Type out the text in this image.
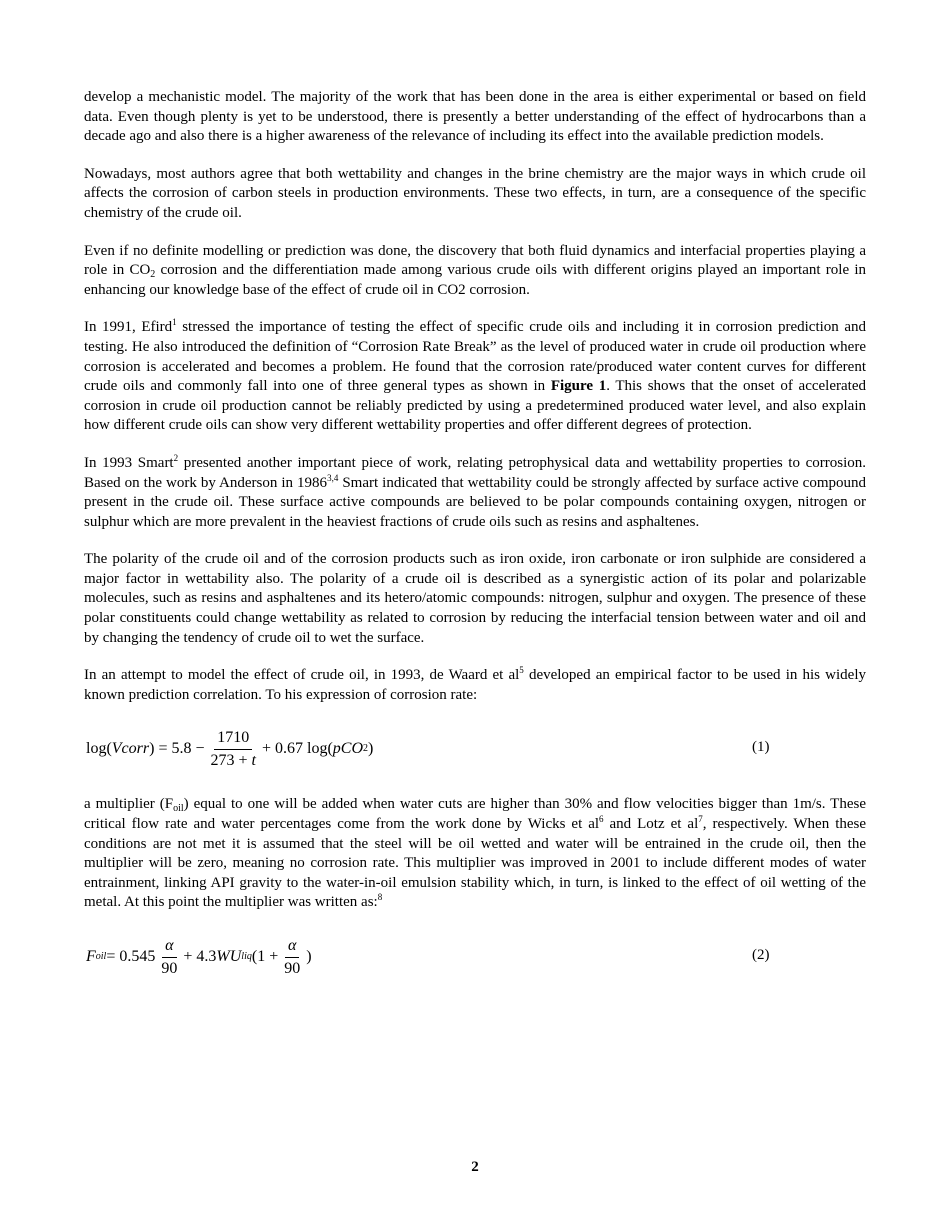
develop a mechanistic model. The majority of the work that has been done in the area is either experimental or based on field data. Even though plenty is yet to be understood, there is presently a better understanding of the effect of hydrocarbons than a decade ago and also there is a higher awareness of the relevance of including its effect into the available prediction models.

Nowadays, most authors agree that both wettability and changes in the brine chemistry are the major ways in which crude oil affects the corrosion of carbon steels in production environments. These two effects, in turn, are a consequence of the specific chemistry of the crude oil.

Even if no definite modelling or prediction was done, the discovery that both fluid dynamics and interfacial properties playing a role in $CO_2$ corrosion and the differentiation made among various crude oils with different origins played an important role in enhancing our knowledge base of the effect of crude oil in CO2 corrosion.

In 1991, Efird$^1$ stressed the importance of testing the effect of specific crude oils and including it in corrosion prediction and testing. He also introduced the definition of “Corrosion Rate Break” as the level of produced water in crude oil production where corrosion is accelerated and becomes a problem. He found that the corrosion rate/produced water content curves for different crude oils and commonly fall into one of three general types as shown in Figure 1. This shows that the onset of accelerated corrosion in crude oil production cannot be reliably predicted by using a predetermined produced water level, and also explain how different crude oils can show very different wettability properties and offer different degrees of protection.

In 1993 Smart$^2$ presented another important piece of work, relating petrophysical data and wettability properties to corrosion. Based on the work by Anderson in 1986$^{3,4}$ Smart indicated that wettability could be strongly affected by surface active compound present in the crude oil. These surface active compounds are believed to be polar compounds containing oxygen, nitrogen or sulphur which are more prevalent in the heaviest fractions of crude oils such as resins and asphaltenes.

The polarity of the crude oil and of the corrosion products such as iron oxide, iron carbonate or iron sulphide are considered a major factor in wettability also. The polarity of a crude oil is described as a synergistic action of its polar and polarizable molecules, such as resins and asphaltenes and its hetero/atomic compounds: nitrogen, sulphur and oxygen. The presence of these polar constituents could change wettability as related to corrosion by reducing the interfacial tension between water and oil and by changing the tendency of crude oil to wet the surface.

In an attempt to model the effect of crude oil, in 1993, de Waard et $al^5$ developed an empirical factor to be used in his widely known prediction correlation. To his expression of corrosion rate:

log( Vcorr ) = $5.8 - \frac{1710}{273 + t} + 0.67$ log( pCO 2 )	(1)

a multiplier $(F_{oil})$ equal to one will be added when water cuts are higher than 30% and flow velocities bigger than 1m/s. These critical flow rate and water percentages come from the work done by Wicks et $al^6$ and Lotz et $al^7$, respectively. When these conditions are not met it is assumed that the steel will be oil wetted and water will be entrained in the crude oil, then the multiplier will be zero, meaning no corrosion rate. This multiplier was improved in 2001 to include different modes of water entrainment, linking API gravity to the water-in-oil emulsion stability which, in turn, is linked to the effect of oil wetting of the metal. At this point the multiplier was written as:$^8$

F oil = $0.545 \frac{\alpha}{90} + 4.3$ WU liq ($1 + \frac{\alpha}{90}$ )	(2)
2
